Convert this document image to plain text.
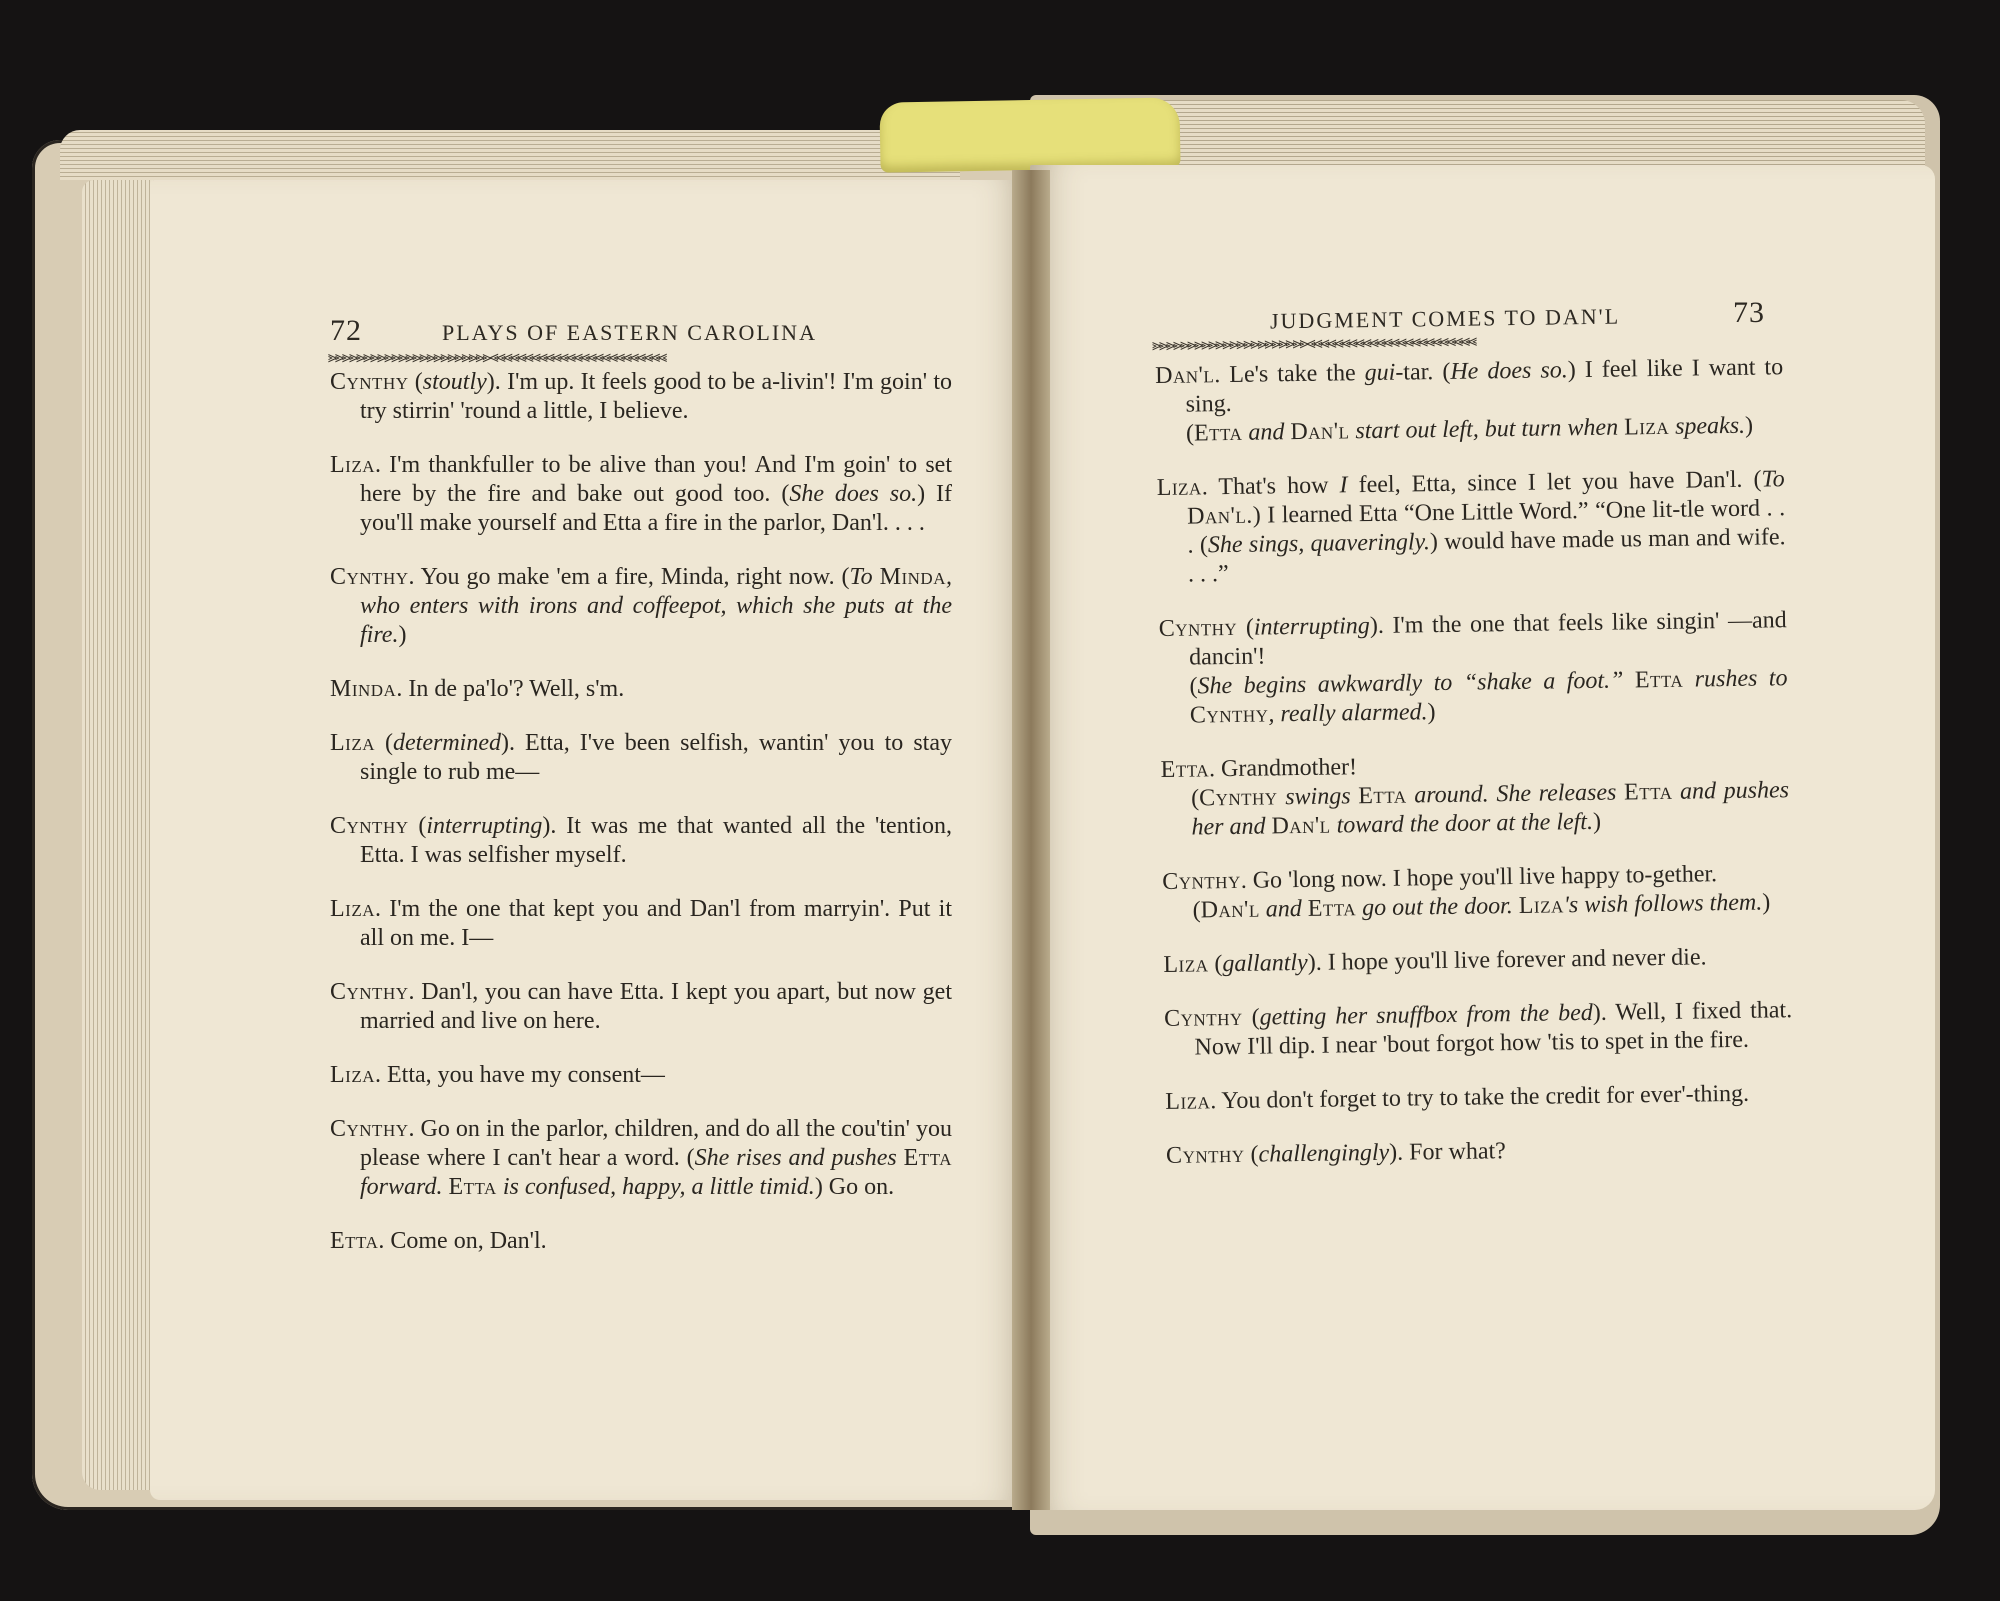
72	PLAYS OF EASTERN CAROLINA
⪢⪢⪢⪢⪢⪢⪢⪢⪢⪢⪢⪢⪢⪢⪢⪢⪢⪢⪢⪢⪢⪢⪢⪡⪡⪡⪡⪡⪡⪡⪡⪡⪡⪡⪡⪡⪡⪡⪡⪡⪡⪡⪡⪡⪡⪡⪡⪡

Cynthy (stoutly). I'm up. It feels good to be a-livin'! I'm goin' to try stirrin' 'round a little, I believe.

Liza. I'm thankfuller to be alive than you! And I'm goin' to set here by the fire and bake out good too. (She does so.) If you'll make yourself and Etta a fire in the parlor, Dan'l. . . .

Cynthy. You go make 'em a fire, Minda, right now. (To Minda, who enters with irons and coffeepot, which she puts at the fire.)

Minda. In de pa'lo'? Well, s'm.

Liza (determined). Etta, I've been selfish, wantin' you to stay single to rub me—

Cynthy (interrupting). It was me that wanted all the 'tention, Etta. I was selfisher myself.

Liza. I'm the one that kept you and Dan'l from marryin'. Put it all on me. I—

Cynthy. Dan'l, you can have Etta. I kept you apart, but now get married and live on here.

Liza. Etta, you have my consent—

Cynthy. Go on in the parlor, children, and do all the cou'tin' you please where I can't hear a word. (She rises and pushes Etta forward. Etta is confused, happy, a little timid.) Go on.

Etta. Come on, Dan'l.

JUDGMENT COMES TO DAN'L	73
⪢⪢⪢⪢⪢⪢⪢⪢⪢⪢⪢⪢⪢⪢⪢⪢⪢⪢⪢⪢⪢⪢⪡⪡⪡⪡⪡⪡⪡⪡⪡⪡⪡⪡⪡⪡⪡⪡⪡⪡⪡⪡⪡⪡⪡⪡

Dan'l. Le's take the gui-tar. (He does so.) I feel like I want to sing.
(Etta and Dan'l start out left, but turn when Liza speaks.)

Liza. That's how I feel, Etta, since I let you have Dan'l. (To Dan'l.) I learned Etta “One Little Word.” “One lit-tle word . . . (She sings, quaveringly.) would have made us man and wife. . . .”

Cynthy (interrupting). I'm the one that feels like singin' —and dancin'!
(She begins awkwardly to “shake a foot.” Etta rushes to Cynthy, really alarmed.)

Etta. Grandmother!
(Cynthy swings Etta around. She releases Etta and pushes her and Dan'l toward the door at the left.)

Cynthy. Go 'long now. I hope you'll live happy to-gether.
(Dan'l and Etta go out the door. Liza's wish follows them.)

Liza (gallantly). I hope you'll live forever and never die.

Cynthy (getting her snuffbox from the bed). Well, I fixed that. Now I'll dip. I near 'bout forgot how 'tis to spet in the fire.

Liza. You don't forget to try to take the credit for ever'-thing.

Cynthy (challengingly). For what?
